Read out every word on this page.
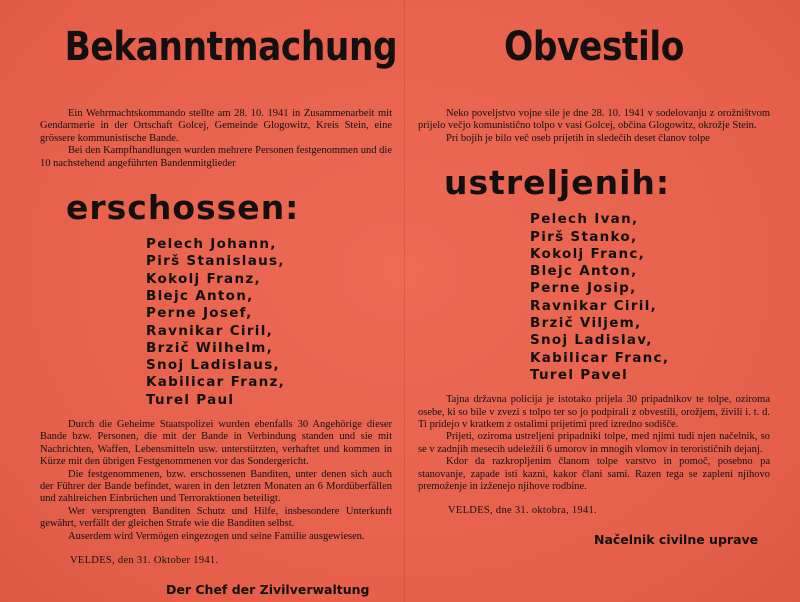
Bekanntmachung

Ein Wehrmachtskommando stellte am 28. 10. 1941 in Zusammenarbeit mit Gendarmerie in der Ortschaft Golcej, Gemeinde Glogowitz, Kreis Stein, eine grössere kommunistische Bande.

Bei den Kampfhandlungen wurden mehrere Personen festgenommen und die 10 nachstehend angeführten Bandenmitglieder

erschossen:
Pelech Johann,
Pirš Stanislaus,
Kokolj Franz,
Blejc Anton,
Perne Josef,
Ravnikar Ciril,
Brzič Wilhelm,
Snoj Ladislaus,
Kabilicar Franz,
Turel Paul

Durch die Geheime Staatspolizei wurden ebenfalls 30 Angehörige dieser Bande bzw. Personen, die mit der Bande in Verbindung standen und sie mit Nachrichten, Waffen, Lebensmitteln usw. unterstützten, verhaftet und kommen in Kürze mit den übrigen Festgenommenen vor das Sondergericht.

Die festgenommenen, bzw. erschossenen Banditen, unter denen sich auch der Führer der Bande befindet, waren in den letzten Monaten an 6 Mordüberfällen und zahlreichen Einbrüchen und Terroraktionen beteiligt.

Wer versprengten Banditen Schutz und Hilfe, insbesondere Unterkunft gewährt, verfällt der gleichen Strafe wie die Banditen selbst.

Auserdem wird Vermögen eingezogen und seine Familie ausgewiesen.

VELDES, den 31. Oktober 1941.
Der Chef der Zivilverwaltung
Obvestilo

Neko poveljstvo vojne sile je dne 28. 10. 1941 v sodelovanju z orožništvom prijelo večjo komunistično tolpo v vasi Golcej, občina Glogowitz, okrožje Stein.

Pri bojih je bilo več oseb prijetih in sledečih deset članov tolpe

ustreljenih:
Pelech Ivan,
Pirš Stanko,
Kokolj Franc,
Blejc Anton,
Perne Josip,
Ravnikar Ciril,
Brzič Viljem,
Snoj Ladislav,
Kabilicar Franc,
Turel Pavel

Tajna državna policija je istotako prijela 30 pripadnikov te tolpe, oziroma osebe, ki so bile v zvezi s tolpo ter so jo podpirali z obvestili, orožjem, živili i. t. d. Ti pridejo v kratkem z ostalimi prijetimi pred izredno sodišče.

Prijeti, oziroma ustreljeni pripadniki tolpe, med njimi tudi njen načelnik, so se v zadnjih mesecih udeležili 6 umorov in mnogih vlomov in terorističnih dejanj.

Kdor da razkropljenim članom tolpe varstvo in pomoč, posebno pa stanovanje, zapade isti kazni, kakor člani sami. Razen tega se zapleni njihovo premoženje in izženejo njihove rodbine.

VELDES, dne 31. oktobra, 1941.
Načelnik civilne uprave
